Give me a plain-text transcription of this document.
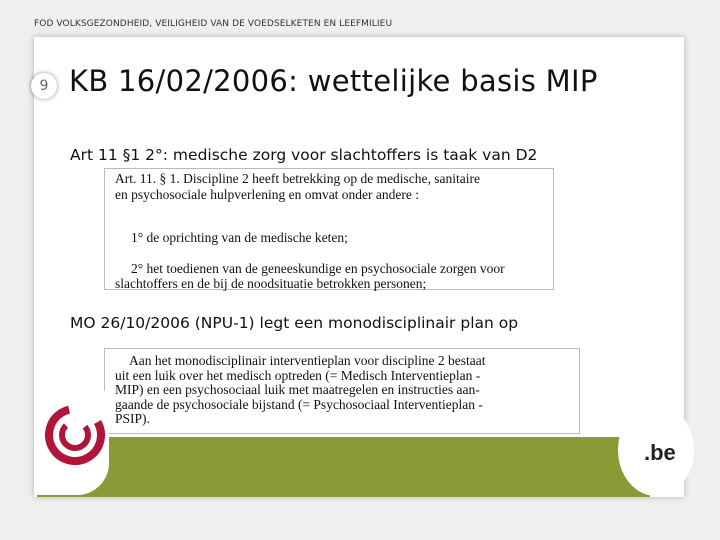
FOD VOLKSGEZONDHEID, VEILIGHEID VAN DE VOEDSELKETEN EN LEEFMILIEU
9 KB 16/02/2006: wettelijke basis MIP

Art 11 §1 2°: medische zorg voor slachtoffers is taak van D2

Art. 11. § 1. Discipline 2 heeft betrekking op de medische, sanitaire
en psychosociale hulpverlening en omvat onder andere :
1° de oprichting van de medische keten;
2° het toedienen van de geneeskundige en psychosociale zorgen voor
slachtoffers en de bij de noodsituatie betrokken personen;

MO 26/10/2006 (NPU-1) legt een monodisciplinair plan op

Aan het monodisciplinair interventieplan voor discipline 2 bestaat
uit een luik over het medisch optreden (= Medisch Interventieplan -
MIP) en een psychosociaal luik met maatregelen en instructies aan-
gaande de psychosociale bijstand (= Psychosociaal Interventieplan -
PSIP).
.be
